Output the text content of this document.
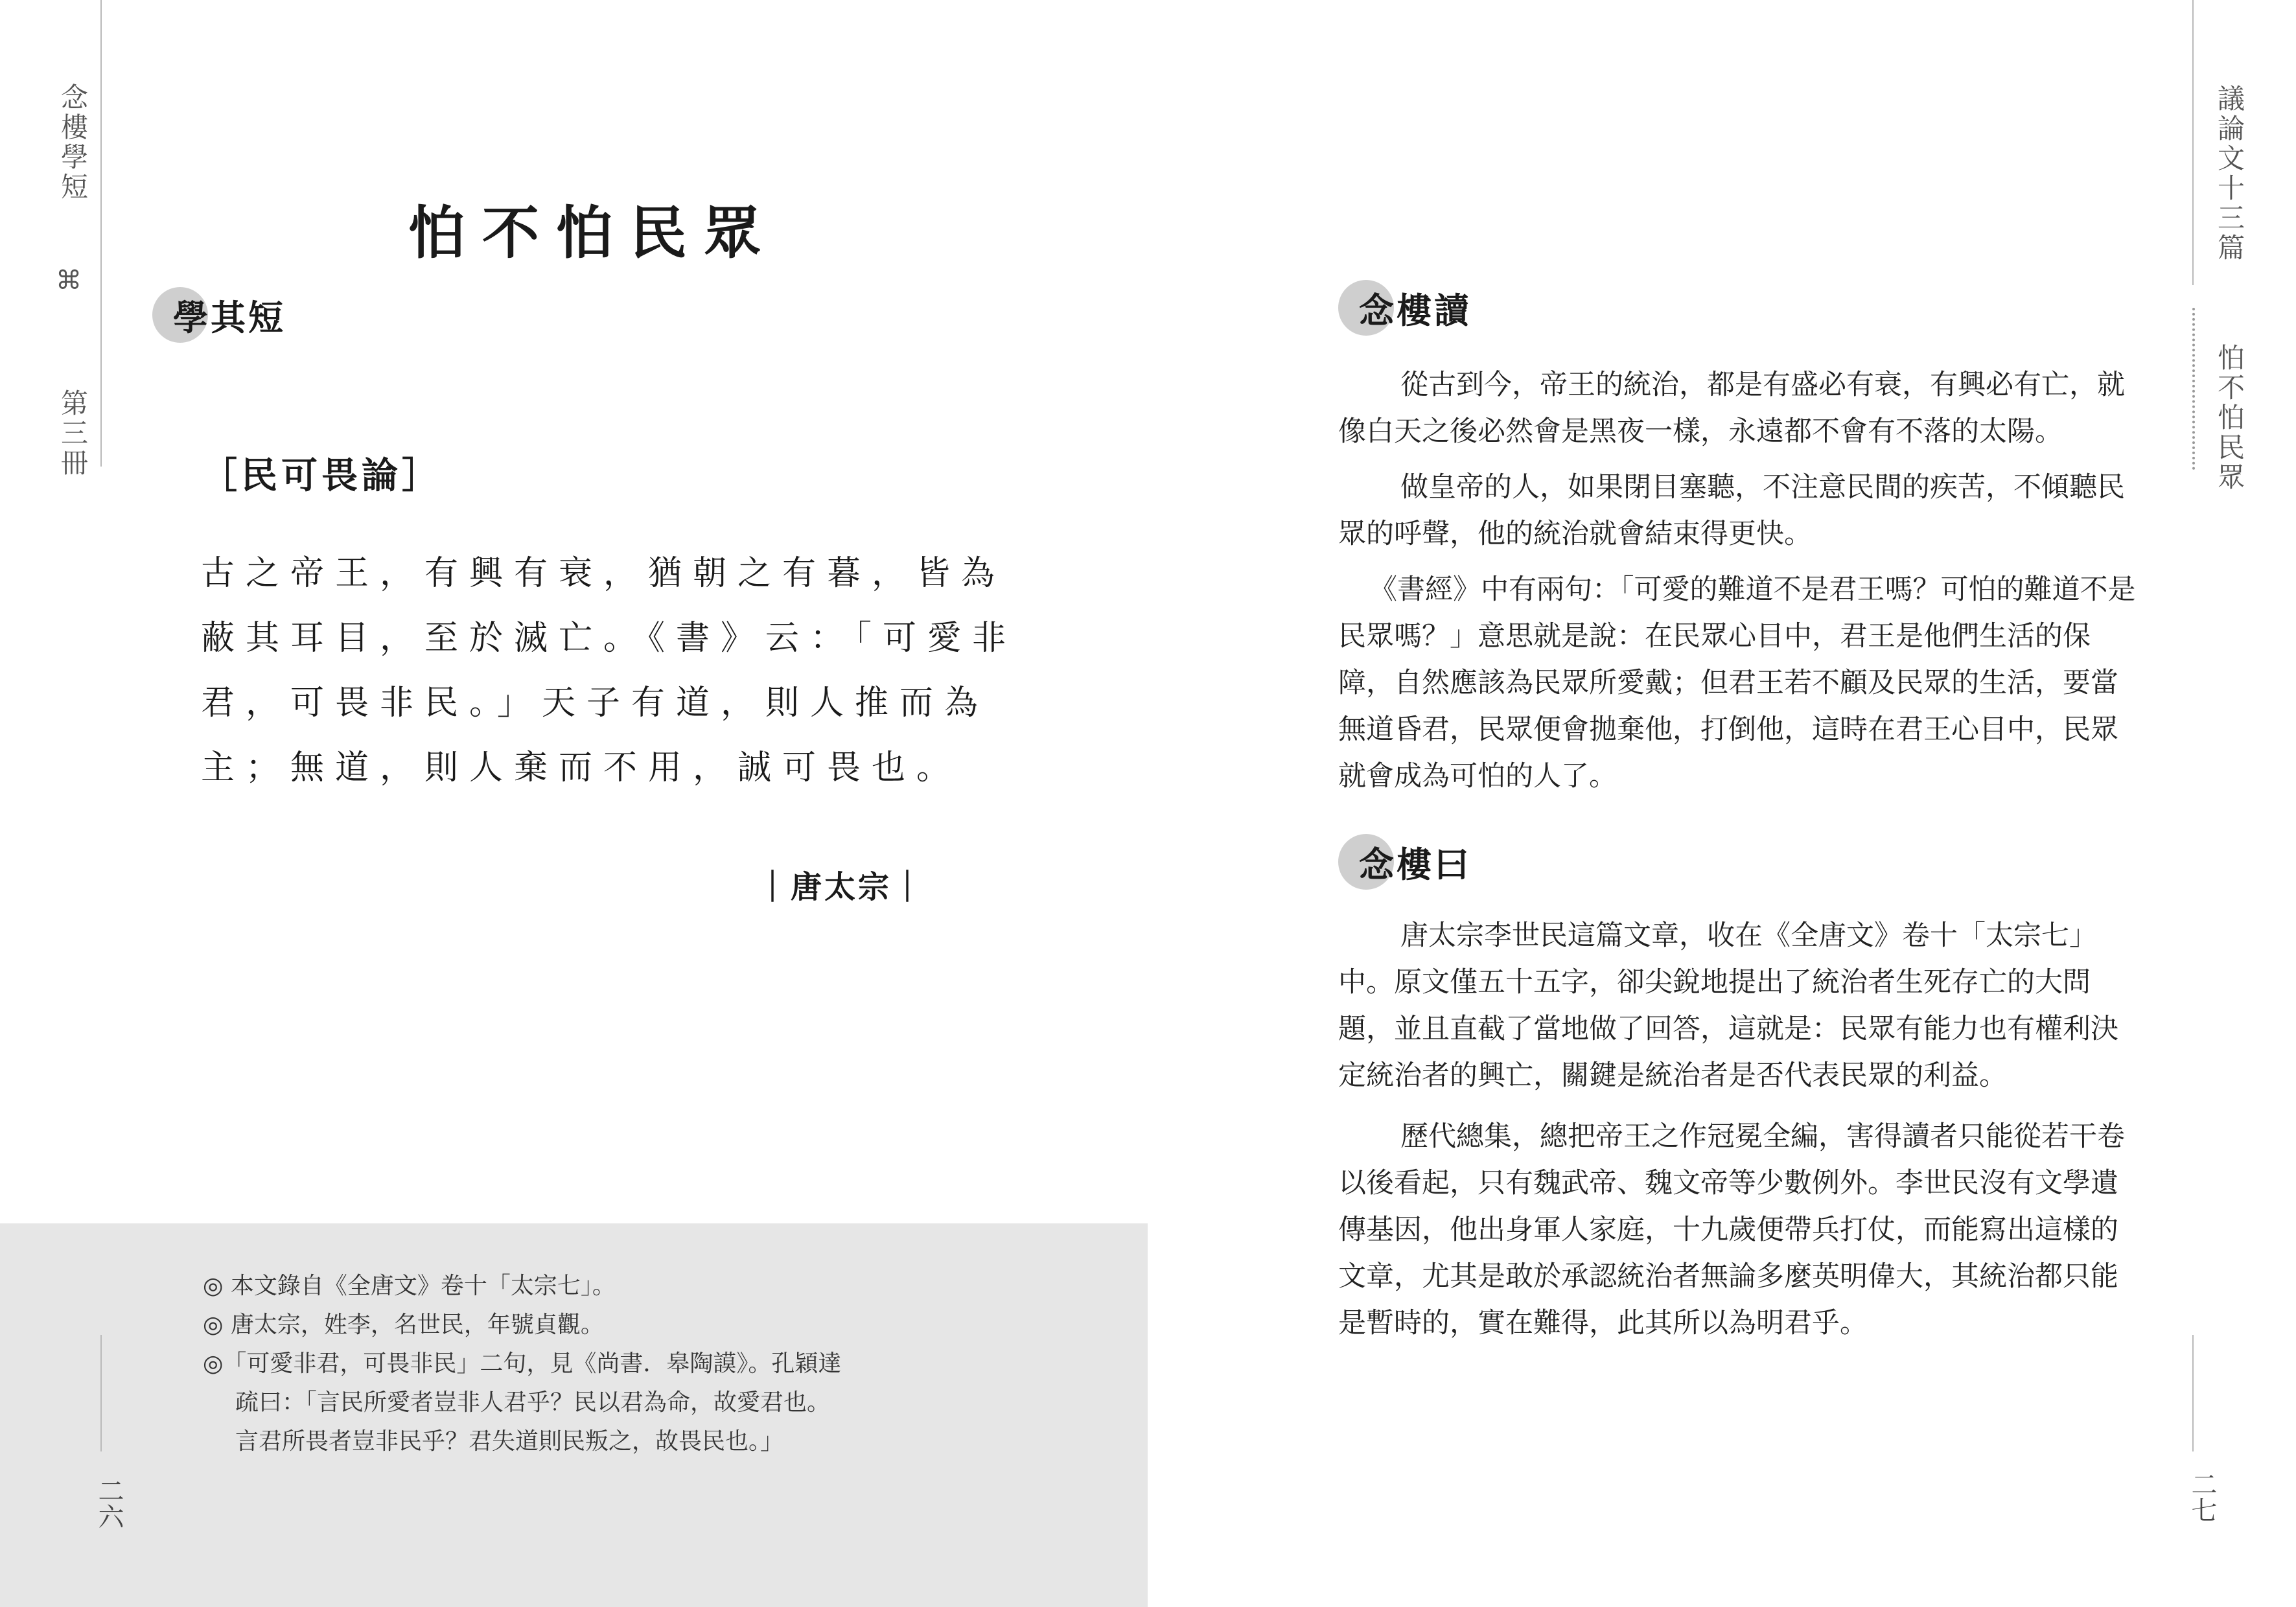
念樓學短
⌘
第三冊
二六
議論文十三篇
怕不怕民眾
二七
怕不怕民眾
學其短
［民可畏論］
古之帝王，有興有衰，猶朝之有暮，皆為
蔽其耳目，至於滅亡。《書》云：「可愛非
君，可畏非民。」天子有道，則人推而為
主；無道，則人棄而不用，誠可畏也。
｜唐太宗｜
◎ 本文錄自《全唐文》卷十「太宗七」。
◎ 唐太宗，姓李，名世民，年號貞觀。
◎「可愛非君，可畏非民」二句，見《尚書．皋陶謨》。孔穎達
疏曰：「言民所愛者豈非人君乎？民以君為命，故愛君也。
言君所畏者豈非民乎？君失道則民叛之，故畏民也。」
念樓讀

從古到今，帝王的統治，都是有盛必有衰，有興必有亡，就像白天之後必然會是黑夜一樣，永遠都不會有不落的太陽。

做皇帝的人，如果閉目塞聽，不注意民間的疾苦，不傾聽民眾的呼聲，他的統治就會結束得更快。

《書經》中有兩句：「可愛的難道不是君王嗎？可怕的難道不是民眾嗎？」意思就是說：在民眾心目中，君王是他們生活的保障，自然應該為民眾所愛戴；但君王若不顧及民眾的生活，要當無道昏君，民眾便會拋棄他，打倒他，這時在君王心目中，民眾就會成為可怕的人了。

念樓曰

唐太宗李世民這篇文章，收在《全唐文》卷十「太宗七」中。原文僅五十五字，卻尖銳地提出了統治者生死存亡的大問題，並且直截了當地做了回答，這就是：民眾有能力也有權利決定統治者的興亡，關鍵是統治者是否代表民眾的利益。

歷代總集，總把帝王之作冠冕全編，害得讀者只能從若干卷以後看起，只有魏武帝、魏文帝等少數例外。李世民沒有文學遺傳基因，他出身軍人家庭，十九歲便帶兵打仗，而能寫出這樣的文章，尤其是敢於承認統治者無論多麼英明偉大，其統治都只能是暫時的，實在難得，此其所以為明君乎。
